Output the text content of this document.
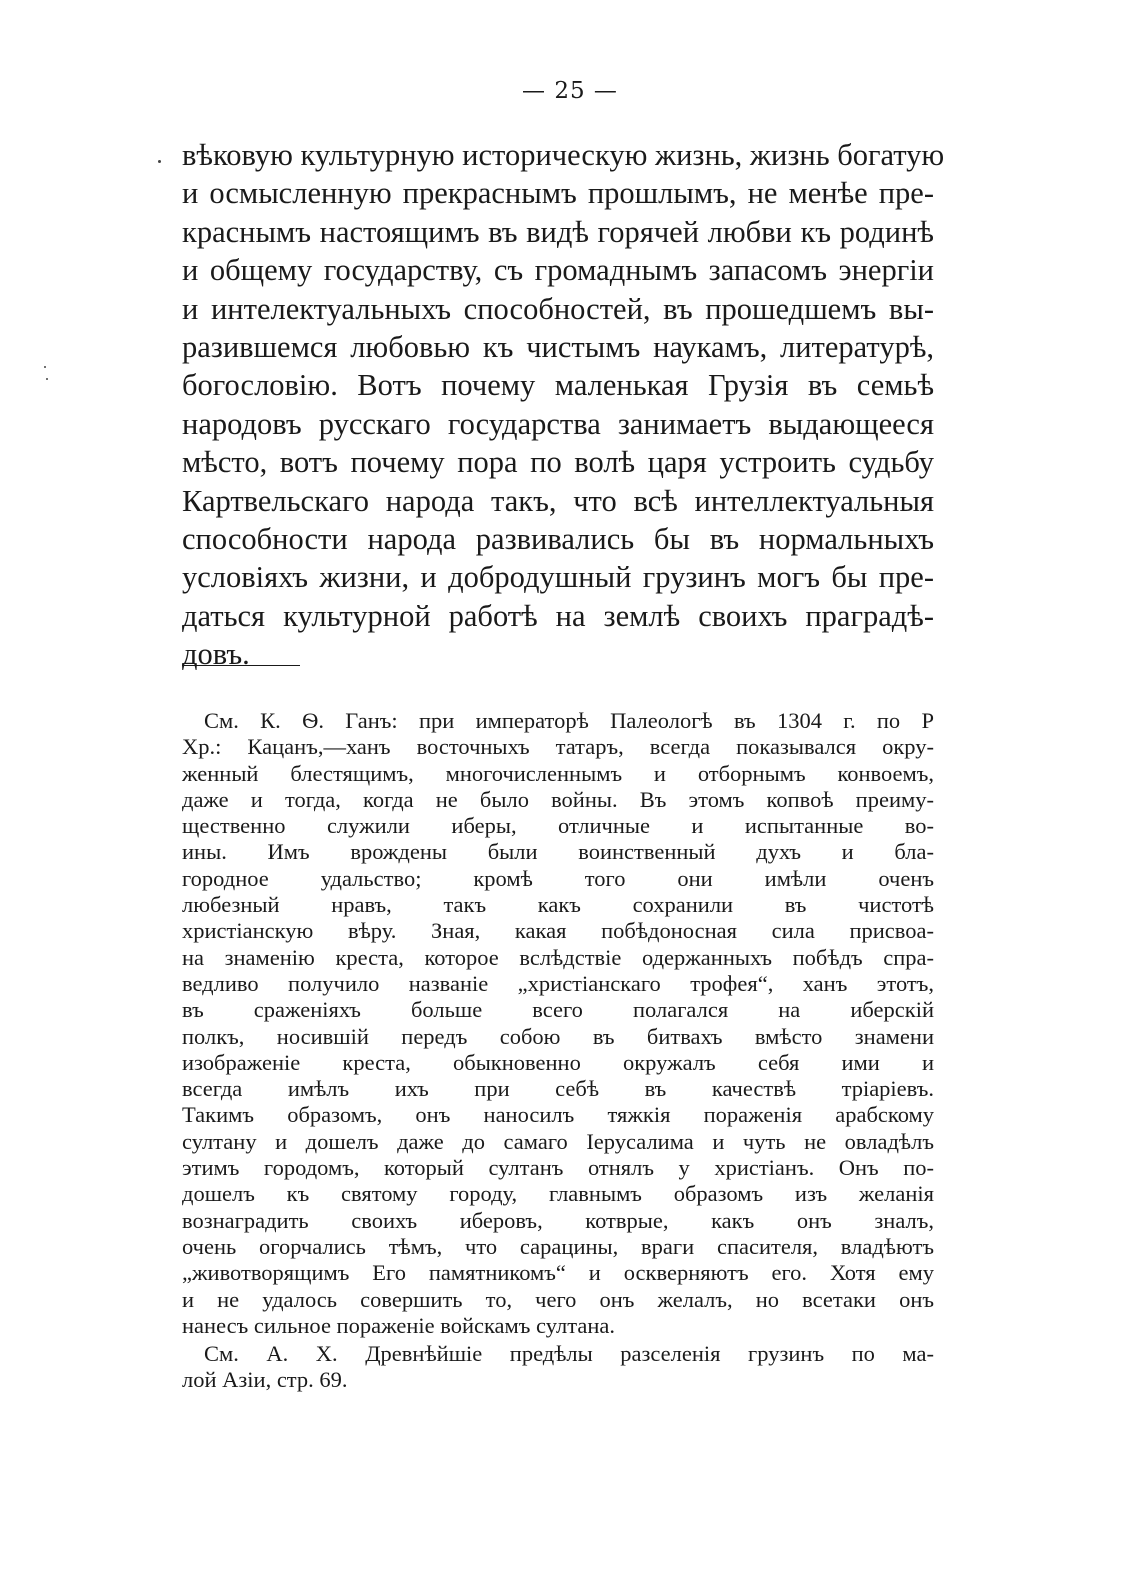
— 25 —
вѣковую культурную историческую жизнь, жизнь богатую
и осмысленную прекраснымъ прошлымъ, не менѣе пре-
краснымъ настоящимъ въ видѣ горячей любви къ родинѣ
и общему государству, съ громаднымъ запасомъ энергiи
и интелектуальныхъ способностей, въ прошедшемъ вы-
разившемся любовью къ чистымъ наукамъ, литературѣ,
богословiю. Вотъ почему маленькая Грузiя въ семьѣ
народовъ русскаго государства занимаетъ выдающееся
мѣсто, вотъ почему пора по волѣ царя устроить судьбу
Картвельскаго народа такъ, что всѣ интеллектуальныя
способности народа развивались бы въ нормальныхъ
условiяхъ жизни, и добродушный грузинъ могъ бы пре-
даться культурной работѣ на землѣ своихъ праградѣ-
довъ.
См. К. Ѳ. Ганъ: при императорѣ Палеологѣ въ 1304 г. по Р
Хр.: Кацанъ,—ханъ восточныхъ татаръ, всегда показывался окру-
женный блестящимъ, многочисленнымъ и отборнымъ конвоемъ,
даже и тогда, когда не было войны. Въ этомъ копвоѣ преиму-
щественно служили иберы, отличные и испытанные во-
ины. Имъ врождены были воинственный духъ и бла-
городное удальство; кромѣ того они имѣли оченъ
любезный нравъ, такъ какъ сохранили въ чистотѣ
христiанскую вѣру. Зная, какая побѣдоносная сила присвоа-
на знаменiю креста, которое вслѣдствiе одержанныхъ побѣдъ спра-
ведливо получило названiе „христiанскаго трофея“, ханъ этотъ,
въ сраженiяхъ больше всего полагался на иберскiй
полкъ, носившiй передъ собою въ битвахъ вмѣсто знамени
изображенiе креста, обыкновенно окружалъ себя ими и
всегда имѣлъ ихъ при себѣ въ качествѣ трiарiевъ.
Такимъ образомъ, онъ наносилъ тяжкiя пораженiя арабскому
султану и дошелъ даже до самаго Iерусалима и чуть не овладѣлъ
этимъ городомъ, который султанъ отнялъ у христiанъ. Онъ по-
дошелъ къ святому городу, главнымъ образомъ изъ желанiя
вознаградить своихъ иберовъ, котврые, какъ онъ зналъ,
очень огорчались тѣмъ, что сарацины, враги спасителя, владѣютъ
„животворящимъ Его памятникомъ“ и оскверняютъ его. Хотя ему
и не удалось совершить то, чего онъ желалъ, но всетаки онъ
нанесъ сильное пораженiе войскамъ султана.
См. А. Х. Древнѣйшiе предѣлы разселенiя грузинъ по ма-
лой Азiи, стр. 69.
